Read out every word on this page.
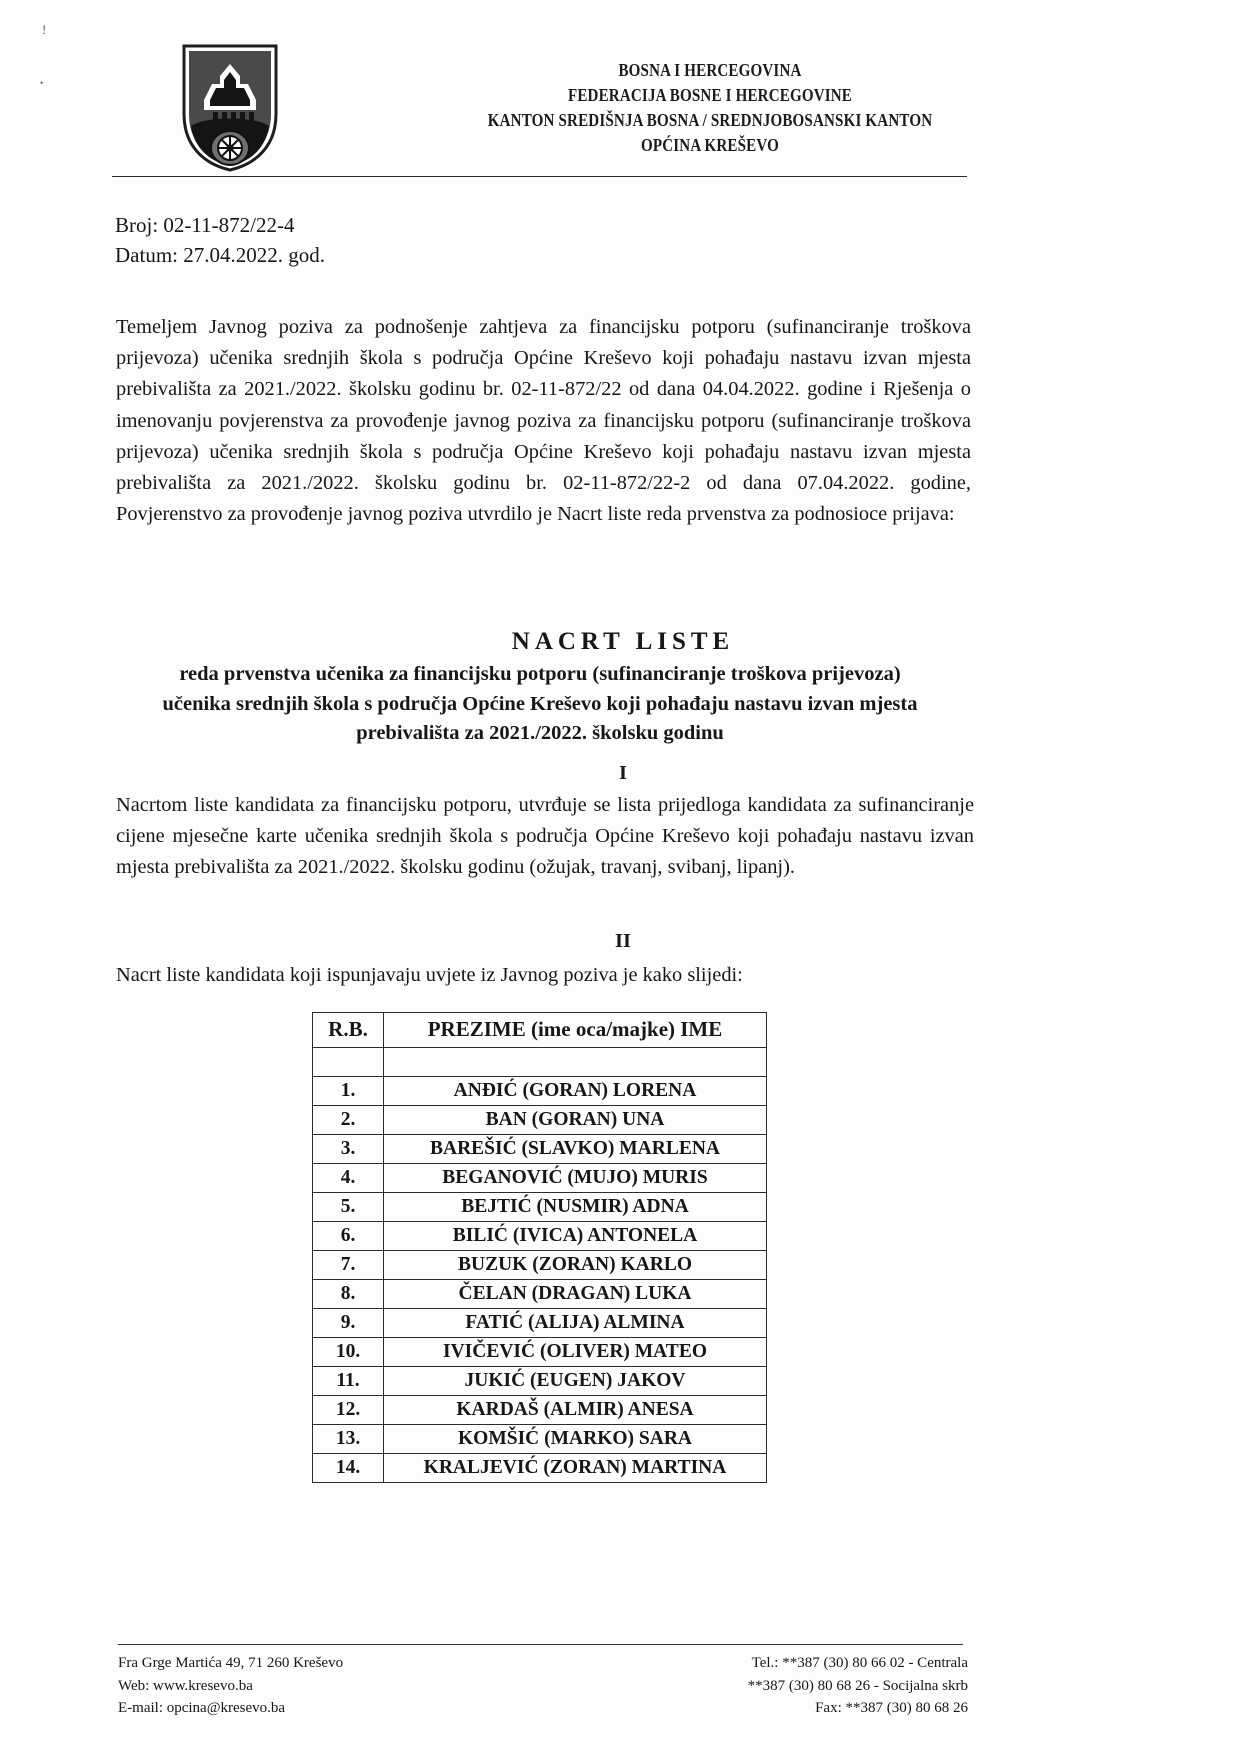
!
•
BOSNA I HERCEGOVINA
FEDERACIJA BOSNE I HERCEGOVINE
KANTON SREDIŠNJA BOSNA / SREDNJOBOSANSKI KANTON
OPĆINA KREŠEVO
Broj: 02-11-872/22-4
Datum: 27.04.2022. god.

Temeljem Javnog poziva za podnošenje zahtjeva za financijsku potporu (sufinanciranje troškova prijevoza) učenika srednjih škola s područja Općine Kreševo koji pohađaju nastavu izvan mjesta prebivališta za 2021./2022. školsku godinu br. 02-11-872/22 od dana 04.04.2022. godine i Rješenja o imenovanju povjerenstva za provođenje javnog poziva za financijsku potporu (sufinanciranje troškova prijevoza) učenika srednjih škola s područja Općine Kreševo koji pohađaju nastavu izvan mjesta prebivališta za 2021./2022. školsku godinu br. 02-11-872/22-2 od dana 07.04.2022. godine, Povjerenstvo za provođenje javnog poziva utvrdilo je Nacrt liste reda prvenstva za podnosioce prijava:

NACRT LISTE
reda prvenstva učenika za financijsku potporu (sufinanciranje troškova prijevoza)
učenika srednjih škola s područja Općine Kreševo koji pohađaju nastavu izvan mjesta
prebivališta za 2021./2022. školsku godinu
I

Nacrtom liste kandidata za financijsku potporu, utvrđuje se lista prijedloga kandidata za sufinanciranje cijene mjesečne karte učenika srednjih škola s područja Općine Kreševo koji pohađaju nastavu izvan mjesta prebivališta za 2021./2022. školsku godinu (ožujak, travanj, svibanj, lipanj).

II

Nacrt liste kandidata koji ispunjavaju uvjete iz Javnog poziva je kako slijedi:

R.B.	PREZIME (ime oca/majke) IME

1.	ANĐIĆ (GORAN) LORENA
2.	BAN (GORAN) UNA
3.	BAREŠIĆ (SLAVKO) MARLENA
4.	BEGANOVIĆ (MUJO) MURIS
5.	BEJTIĆ (NUSMIR) ADNA
6.	BILIĆ (IVICA) ANTONELA
7.	BUZUK (ZORAN) KARLO
8.	ČELAN (DRAGAN) LUKA
9.	FATIĆ (ALIJA) ALMINA
10.	IVIČEVIĆ (OLIVER) MATEO
11.	JUKIĆ (EUGEN) JAKOV
12.	KARDAŠ (ALMIR) ANESA
13.	KOMŠIĆ (MARKO) SARA
14.	KRALJEVIĆ (ZORAN) MARTINA
Fra Grge Martića 49, 71 260 Kreševo
Web: www.kresevo.ba
E-mail: opcina@kresevo.ba
Tel.: **387 (30) 80 66 02 - Centrala
**387 (30) 80 68 26 - Socijalna skrb
Fax: **387 (30) 80 68 26
